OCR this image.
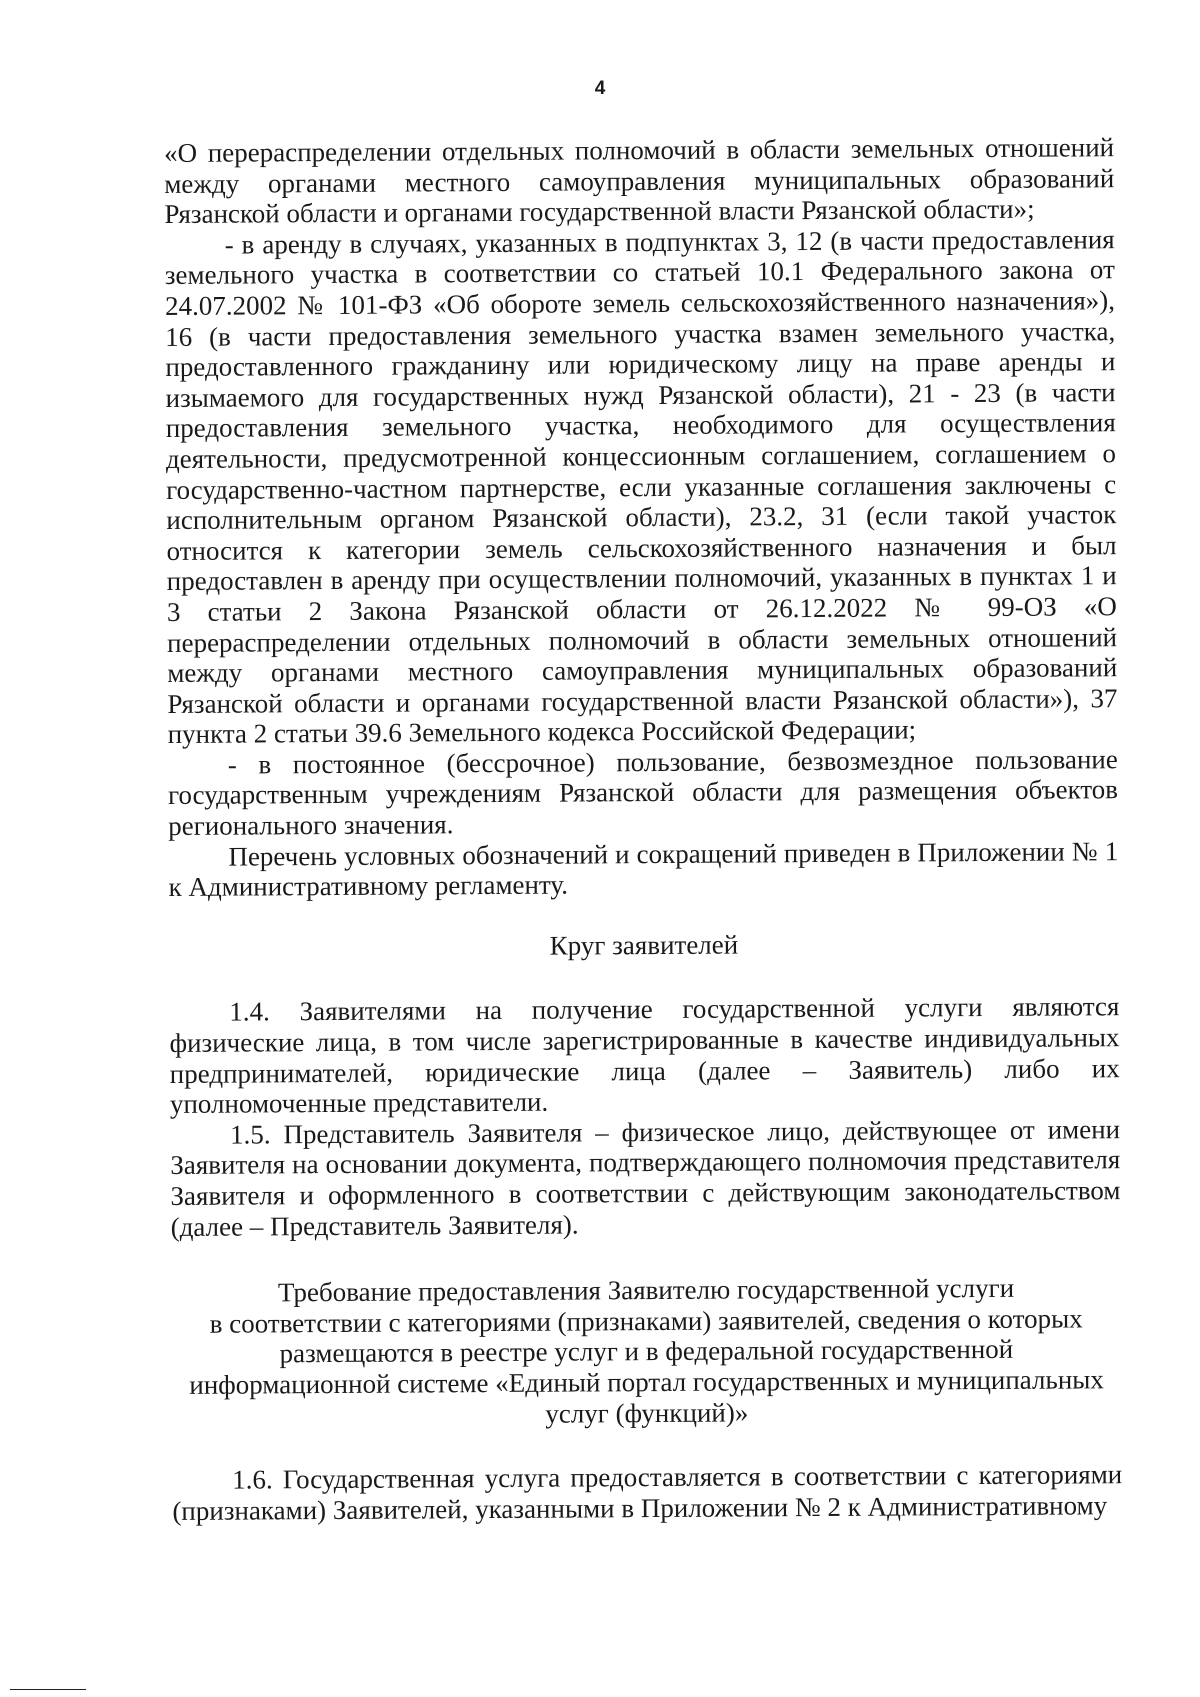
4

«О перераспределении отдельных полномочий в области земельных отношений между органами местного самоуправления муниципальных образований Рязанской области и органами государственной власти Рязанской области»;

- в аренду в случаях, указанных в подпунктах 3, 12 (в части предоставления земельного участка в соответствии со статьей 10.1 Федерального закона от 24.07.2002 № 101-ФЗ «Об обороте земель сельскохозяйственного назначения»), 16 (в части предоставления земельного участка взамен земельного участка, предоставленного гражданину или юридическому лицу на праве аренды и изымаемого для государственных нужд Рязанской области), 21 - 23 (в части предоставления земельного участка, необходимого для осуществления деятельности, предусмотренной концессионным соглашением, соглашением о государственно-частном партнерстве, если указанные соглашения заключены с исполнительным органом Рязанской области), 23.2, 31 (если такой участок относится к категории земель сельскохозяйственного назначения и был предоставлен в аренду при осуществлении полномочий, указанных в пунктах 1 и 3 статьи 2 Закона Рязанской области от 26.12.2022 № 99-ОЗ «О перераспределении отдельных полномочий в области земельных отношений между органами местного самоуправления муниципальных образований Рязанской области и органами государственной власти Рязанской области»), 37 пункта 2 статьи 39.6 Земельного кодекса Российской Федерации;

- в постоянное (бессрочное) пользование, безвозмездное пользование государственным учреждениям Рязанской области для размещения объектов регионального значения.

Перечень условных обозначений и сокращений приведен в Приложении № 1 к Административному регламенту.

Круг заявителей

1.4. Заявителями на получение государственной услуги являются физические лица, в том числе зарегистрированные в качестве индивидуальных предпринимателей, юридические лица (далее – Заявитель) либо их уполномоченные представители.

1.5. Представитель Заявителя – физическое лицо, действующее от имени Заявителя на основании документа, подтверждающего полномочия представителя Заявителя и оформленного в соответствии с действующим законодательством (далее – Представитель Заявителя).

Требование предоставления Заявителю государственной услуги
в соответствии с категориями (признаками) заявителей, сведения о которых
размещаются в реестре услуг и в федеральной государственной
информационной системе «Единый портал государственных и муниципальных
услуг (функций)»

1.6. Государственная услуга предоставляется в соответствии с категориями (признаками) Заявителей, указанными в Приложении № 2 к Административному
